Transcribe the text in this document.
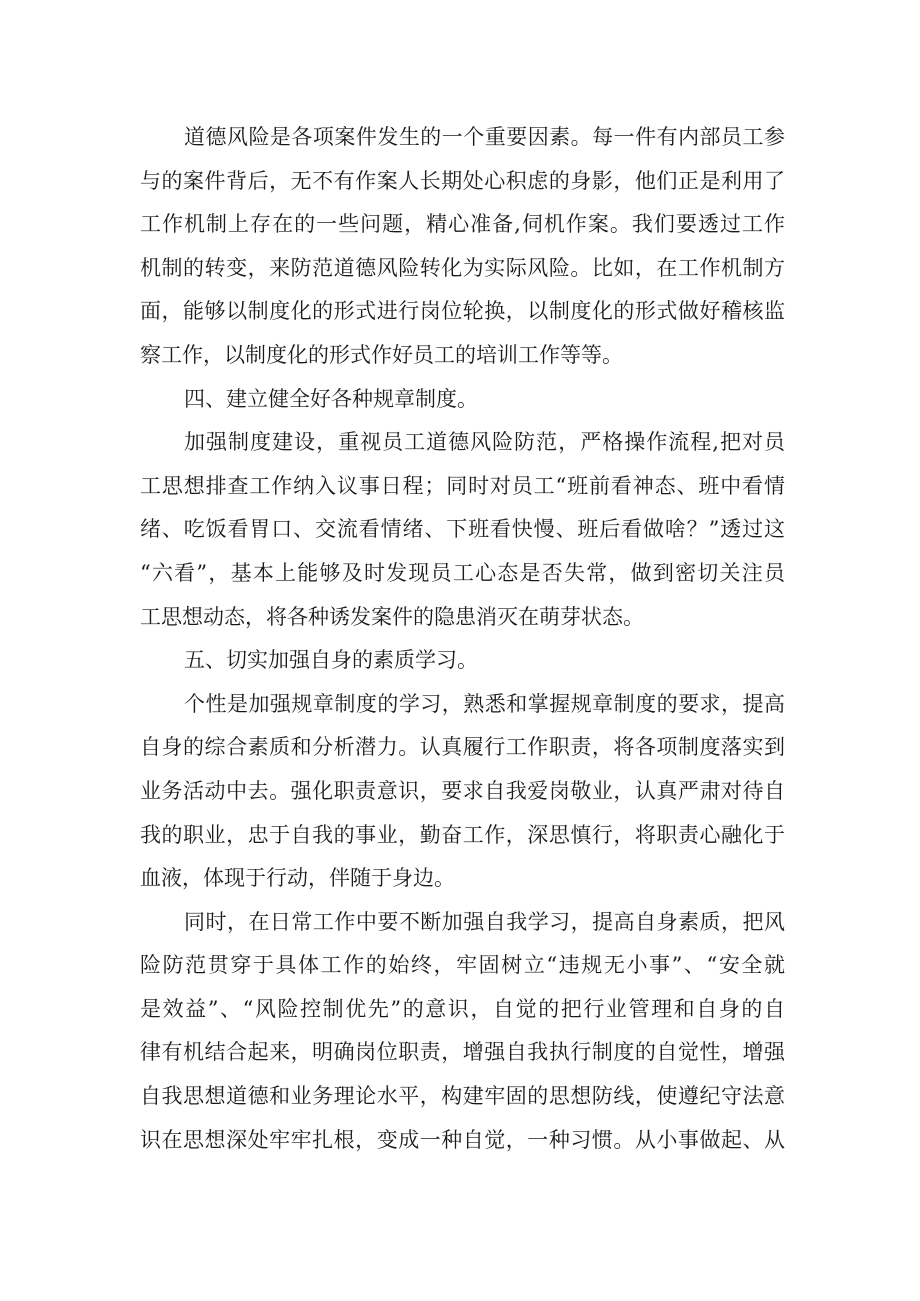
道德风险是各项案件发生的一个重要因素。每一件有内部员工参
与的案件背后，无不有作案人长期处心积虑的身影，他们正是利用了
工作机制上存在的一些问题，精心准备,伺机作案。我们要透过工作
机制的转变，来防范道德风险转化为实际风险。比如，在工作机制方
面，能够以制度化的形式进行岗位轮换，以制度化的形式做好稽核监
察工作，以制度化的形式作好员工的培训工作等等。
四、建立健全好各种规章制度。
加强制度建设，重视员工道德风险防范，严格操作流程,把对员
工思想排查工作纳入议事日程；同时对员工“班前看神态、班中看情
绪、吃饭看胃口、交流看情绪、下班看快慢、班后看做啥？”透过这
“六看”，基本上能够及时发现员工心态是否失常，做到密切关注员
工思想动态，将各种诱发案件的隐患消灭在萌芽状态。
五、切实加强自身的素质学习。
个性是加强规章制度的学习，熟悉和掌握规章制度的要求，提高
自身的综合素质和分析潜力。认真履行工作职责，将各项制度落实到
业务活动中去。强化职责意识，要求自我爱岗敬业，认真严肃对待自
我的职业，忠于自我的事业，勤奋工作，深思慎行，将职责心融化于
血液，体现于行动，伴随于身边。
同时，在日常工作中要不断加强自我学习，提高自身素质，把风
险防范贯穿于具体工作的始终，牢固树立“违规无小事”、“安全就
是效益”、“风险控制优先”的意识，自觉的把行业管理和自身的自
律有机结合起来，明确岗位职责，增强自我执行制度的自觉性，增强
自我思想道德和业务理论水平，构建牢固的思想防线，使遵纪守法意
识在思想深处牢牢扎根，变成一种自觉，一种习惯。从小事做起、从
